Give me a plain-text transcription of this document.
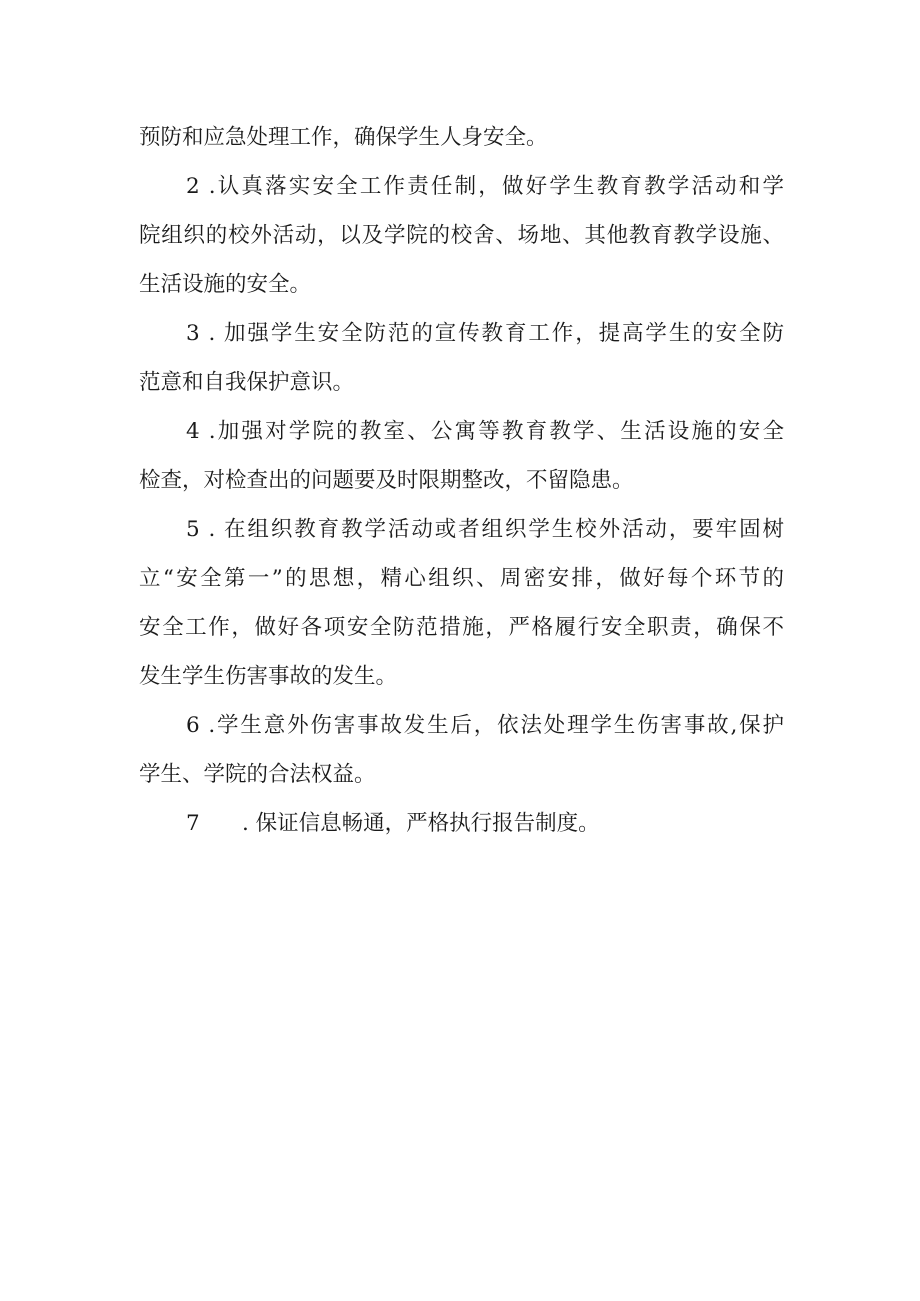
预防和应急处理工作，确保学生人身安全。
2 .认真落实安全工作责任制，做好学生教育教学活动和学
院组织的校外活动，以及学院的校舍、场地、其他教育教学设施、
生活设施的安全。
3 . 加强学生安全防范的宣传教育工作，提高学生的安全防
范意和自我保护意识。
4 .加强对学院的教室、公寓等教育教学、生活设施的安全
检查，对检查出的问题要及时限期整改，不留隐患。
5 . 在组织教育教学活动或者组织学生校外活动，要牢固树
立“安全第一”的思想，精心组织、周密安排，做好每个环节的
安全工作，做好各项安全防范措施，严格履行安全职责，确保不
发生学生伤害事故的发生。
6 .学生意外伤害事故发生后，依法处理学生伤害事故,保护
学生、学院的合法权益。
7 . 保证信息畅通，严格执行报告制度。
